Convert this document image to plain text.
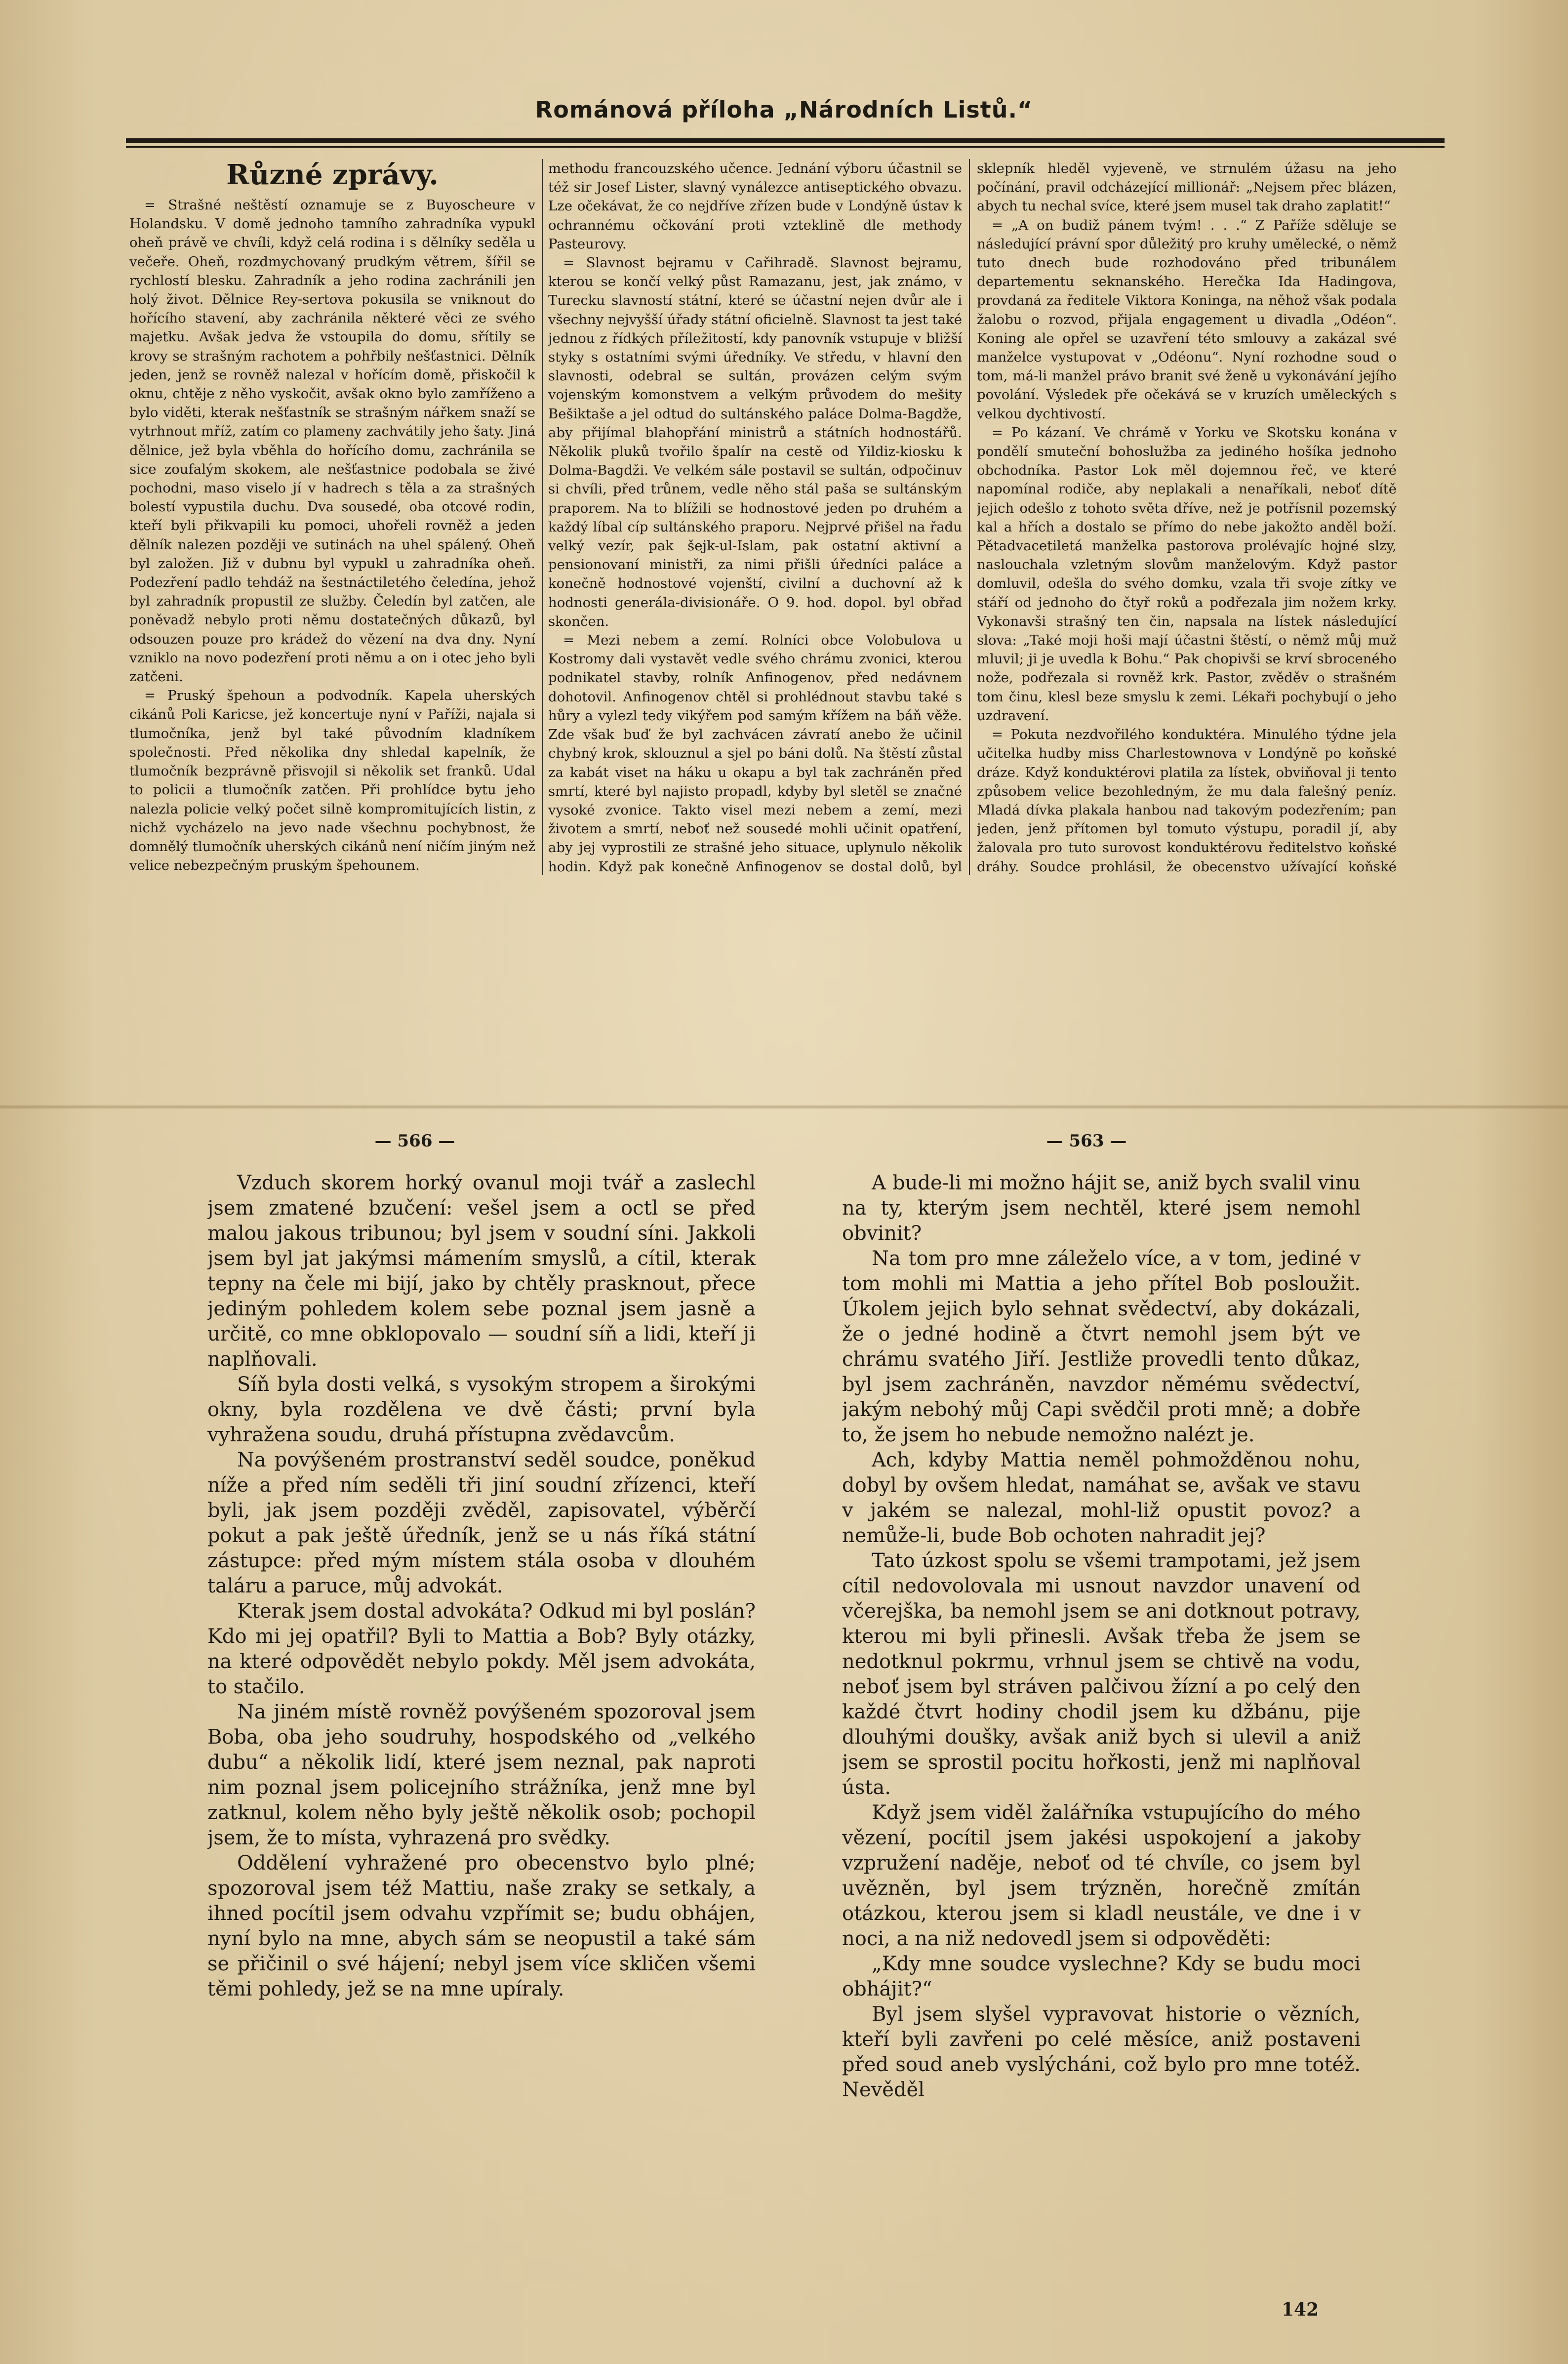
Románová příloha „Národních Listů.“
Různé zprávy.

= Strašné neštěstí oznamuje se z Buyoscheure v Holandsku. V domě jednoho tamního zahradníka vypukl oheň právě ve chvíli, když celá rodina i s dělníky seděla u večeře. Oheň, rozdmychovaný prudkým větrem, šířil se rychlostí blesku. Zahradník a jeho rodina zachránili jen holý život. Dělnice Rey-sertova pokusila se vniknout do hořícího stavení, aby zachránila některé věci ze svého majetku. Avšak jedva že vstoupila do domu, sřítily se krovy se strašným rachotem a pohřbily nešťastnici. Dělník jeden, jenž se rovněž nalezal v hořícím domě, přiskočil k oknu, chtěje z něho vyskočit, avšak okno bylo zamříženo a bylo viděti, kterak nešťastník se strašným nářkem snaží se vytrhnout mříž, zatím co plameny zachvátily jeho šaty. Jiná dělnice, jež byla vběhla do hořícího domu, zachránila se sice zoufalým skokem, ale nešťastnice podobala se živé pochodni, maso viselo jí v hadrech s těla a za strašných bolestí vypustila duchu. Dva sousedé, oba otcové rodin, kteří byli přikvapili ku pomoci, uhořeli rovněž a jeden dělník nalezen později ve sutinách na uhel spálený. Oheň byl založen. Již v dubnu byl vypukl u zahradníka oheň. Podezření padlo tehdáž na šestnáctiletého čeledína, jehož byl zahradník propustil ze služby. Čeledín byl zatčen, ale poněvadž nebylo proti němu dostatečných důkazů, byl odsouzen pouze pro krádež do vězení na dva dny. Nyní vzniklo na novo podezření proti němu a on i otec jeho byli zatčeni.

= Pruský špehoun a podvodník. Kapela uherských cikánů Poli Karicse, jež koncertuje nyní v Paříži, najala si tlumočníka, jenž byl také původním kladníkem společnosti. Před několika dny shledal kapelník, že tlumočník bezprávně přisvojil si několik set franků. Udal to policii a tlumočník zatčen. Při prohlídce bytu jeho nalezla policie velký počet silně kompromitujících listin, z nichž vycházelo na jevo nade všechnu pochybnost, že domnělý tlumočník uherských cikánů není ničím jiným než velice nebezpečným pruským špehounem.

methodu francouzského učence. Jednání výboru účastnil se též sir Josef Lister, slavný vynálezce antiseptického obvazu. Lze očekávat, že co nejdříve zřízen bude v Londýně ústav k ochrannému očkování proti vzteklině dle methody Pasteurovy.

= Slavnost bejramu v Cařihradě. Slavnost bejramu, kterou se končí velký půst Ramazanu, jest, jak známo, v Turecku slavností státní, které se účastní nejen dvůr ale i všechny nejvyšší úřady státní oficielně. Slavnost ta jest také jednou z řídkých příležitostí, kdy panovník vstupuje v bližší styky s ostatními svými úředníky. Ve středu, v hlavní den slavnosti, odebral se sultán, provázen celým svým vojenským komonstvem a velkým průvodem do mešity Bešiktaše a jel odtud do sultánského paláce Dolma-Bagdže, aby přijímal blahopřání ministrů a státních hodnostářů. Několik pluků tvořilo špalír na cestě od Yildiz-kiosku k Dolma-Bagdži. Ve velkém sále postavil se sultán, odpočinuv si chvíli, před trůnem, vedle něho stál paša se sultánským praporem. Na to blížili se hodnostové jeden po druhém a každý líbal cíp sultánského praporu. Nejprvé přišel na řadu velký vezír, pak šejk-ul-Islam, pak ostatní aktivní a pensionovaní ministři, za nimi přišli úředníci paláce a konečně hodnostové vojenští, civilní a duchovní až k hodnosti generála-divisionáře. O 9. hod. dopol. byl obřad skončen.

= Mezi nebem a zemí. Rolníci obce Volobulova u Kostromy dali vystavět vedle svého chrámu zvonici, kterou podnikatel stavby, rolník Anfinogenov, před nedávnem dohotovil. Anfinogenov chtěl si prohlédnout stavbu také s hůry a vylezl tedy vikýřem pod samým křížem na báň věže. Zde však buď že byl zachvácen závratí anebo že učinil chybný krok, sklouznul a sjel po báni dolů. Na štěstí zůstal za kabát viset na háku u okapu a byl tak zachráněn před smrtí, které byl najisto propadl, kdyby byl sletěl se značné vysoké zvonice. Takto visel mezi nebem a zemí, mezi životem a smrtí, neboť než sousedé mohli učinit opatření, aby jej vyprostili ze strašné jeho situace, uplynulo několik hodin. Když pak konečně Anfinogenov se dostal dolů, byl

sklepník hleděl vyjeveně, ve strnulém úžasu na jeho počínání, pravil odcházející millionář: „Nejsem přec blázen, abych tu nechal svíce, které jsem musel tak draho zaplatit!“

= „A on budiž pánem tvým! . . .“ Z Paříže sděluje se následující právní spor důležitý pro kruhy umělecké, o němž tuto dnech bude rozhodováno před tribunálem departementu seknanského. Herečka Ida Hadingova, provdaná za ředitele Viktora Koninga, na něhož však podala žalobu o rozvod, přijala engagement u divadla „Odéon“. Koning ale opřel se uzavření této smlouvy a zakázal své manželce vystupovat v „Odéonu“. Nyní rozhodne soud o tom, má-li manžel právo branit své ženě u vykonávání jejího povolání. Výsledek pře očekává se v kruzích uměleckých s velkou dychtivostí.

= Po kázaní. Ve chrámě v Yorku ve Skotsku konána v pondělí smuteční bohoslužba za jediného hošíka jednoho obchodníka. Pastor Lok měl dojemnou řeč, ve které napomínal rodiče, aby neplakali a nenaříkali, neboť dítě jejich odešlo z tohoto světa dříve, než je potřísnil pozemský kal a hřích a dostalo se přímo do nebe jakožto anděl boží. Pětadvacetiletá manželka pastorova prolévajíc hojné slzy, naslouchala vzletným slovům manželovým. Když pastor domluvil, odešla do svého domku, vzala tři svoje zítky ve stáří od jednoho do čtyř roků a podřezala jim nožem krky. Vykonavši strašný ten čin, napsala na lístek následující slova: „Také moji hoši mají účastni štěstí, o němž můj muž mluvil; ji je uvedla k Bohu.“ Pak chopivši se krví sbroceného nože, podřezala si rovněž krk. Pastor, zvěděv o strašném tom činu, klesl beze smyslu k zemi. Lékaři pochybují o jeho uzdravení.

= Pokuta nezdvořilého konduktéra. Minulého týdne jela učitelka hudby miss Charlestownova v Londýně po koňské dráze. Když konduktérovi platila za lístek, obviňoval ji tento způsobem velice bezohledným, že mu dala falešný peníz. Mladá dívka plakala hanbou nad takovým podezřením; pan jeden, jenž přítomen byl tomuto výstupu, poradil jí, aby žalovala pro tuto surovost konduktérovu ředitelstvo koňské dráhy. Soudce prohlásil, že obecenstvo užívající koňské

— 566 —	— 563 —

Vzduch skorem horký ovanul moji tvář a zaslechl jsem zmatené bzučení: vešel jsem a octl se před malou jakous tribunou; byl jsem v soudní síni. Jakkoli jsem byl jat jakýmsi mámením smyslů, a cítil, kterak tepny na čele mi bijí, jako by chtěly prasknout, přece jediným pohledem kolem sebe poznal jsem jasně a určitě, co mne obklopovalo — soudní síň a lidi, kteří ji naplňovali.

Síň byla dosti velká, s vysokým stropem a širokými okny, byla rozdělena ve dvě části; první byla vyhražena soudu, druhá přístupna zvědavcům.

Na povýšeném prostranství seděl soudce, poněkud níže a před ním seděli tři jiní soudní zřízenci, kteří byli, jak jsem později zvěděl, zapisovatel, výběrčí pokut a pak ještě úředník, jenž se u nás říká státní zástupce: před mým místem stála osoba v dlouhém taláru a paruce, můj advokát.

Kterak jsem dostal advokáta? Odkud mi byl poslán? Kdo mi jej opatřil? Byli to Mattia a Bob? Byly otázky, na které odpovědět nebylo pokdy. Měl jsem advokáta, to stačilo.

Na jiném místě rovněž povýšeném spozoroval jsem Boba, oba jeho soudruhy, hospodského od „velkého dubu“ a několik lidí, které jsem neznal, pak naproti nim poznal jsem policejního strážníka, jenž mne byl zatknul, kolem něho byly ještě několik osob; pochopil jsem, že to místa, vyhrazená pro svědky.

Oddělení vyhražené pro obecenstvo bylo plné; spozoroval jsem též Mattiu, naše zraky se setkaly, a ihned pocítil jsem odvahu vzpřímit se; budu obhájen, nyní bylo na mne, abych sám se neopustil a také sám se přičinil o své hájení; nebyl jsem více skličen všemi těmi pohledy, jež se na mne upíraly.

A bude-li mi možno hájit se, aniž bych svalil vinu na ty, kterým jsem nechtěl, které jsem nemohl obvinit?

Na tom pro mne záleželo více, a v tom, jediné v tom mohli mi Mattia a jeho přítel Bob posloužit. Úkolem jejich bylo sehnat svědectví, aby dokázali, že o jedné hodině a čtvrt nemohl jsem být ve chrámu svatého Jiří. Jestliže provedli tento důkaz, byl jsem zachráněn, navzdor němému svědectví, jakým nebohý můj Capi svědčil proti mně; a dobře to, že jsem ho nebude nemožno nalézt je.

Ach, kdyby Mattia neměl pohmožděnou nohu, dobyl by ovšem hledat, namáhat se, avšak ve stavu v jakém se nalezal, mohl-liž opustit povoz? a nemůže-li, bude Bob ochoten nahradit jej?

Tato úzkost spolu se všemi trampotami, jež jsem cítil nedovolovala mi usnout navzdor unavení od včerejška, ba nemohl jsem se ani dotknout potravy, kterou mi byli přinesli. Avšak třeba že jsem se nedotknul pokrmu, vrhnul jsem se chtivě na vodu, neboť jsem byl stráven palčivou žízní a po celý den každé čtvrt hodiny chodil jsem ku džbánu, pije dlouhými doušky, avšak aniž bych si ulevil a aniž jsem se sprostil pocitu hořkosti, jenž mi naplňoval ústa.

Když jsem viděl žalářníka vstupujícího do mého vězení, pocítil jsem jakési uspokojení a jakoby vzpružení naděje, neboť od té chvíle, co jsem byl uvězněn, byl jsem trýzněn, horečně zmítán otázkou, kterou jsem si kladl neustále, ve dne i v noci, a na niž nedovedl jsem si odpověděti:

„Kdy mne soudce vyslechne? Kdy se budu moci obhájit?“

Byl jsem slyšel vypravovat historie o vězních, kteří byli zavřeni po celé měsíce, aniž postaveni před soud aneb vyslýcháni, což bylo pro mne totéž. Nevěděl

142
